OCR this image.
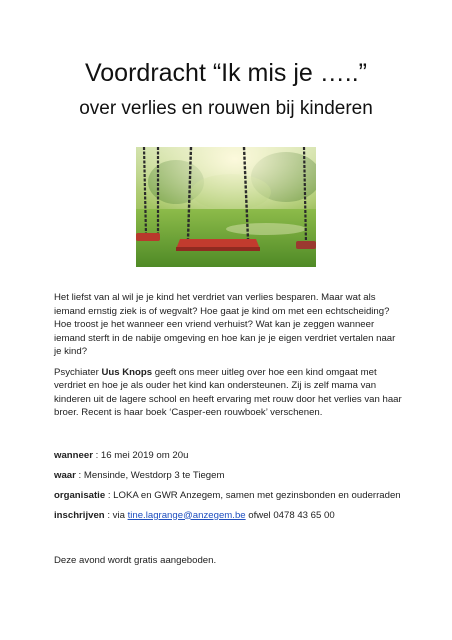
Voordracht “Ik mis je …..”
over verlies en rouwen bij kinderen

Het liefst van al wil je je kind het verdriet van verlies besparen. Maar wat als iemand ernstig ziek is of wegvalt? Hoe gaat je kind om met een echtscheiding? Hoe troost je het wanneer een vriend verhuist? Wat kan je zeggen wanneer iemand sterft in de nabije omgeving en hoe kan je je eigen verdriet vertalen naar je kind?

Psychiater Uus Knops geeft ons meer uitleg over hoe een kind omgaat met verdriet en hoe je als ouder het kind kan ondersteunen. Zij is zelf mama van kinderen uit de lagere school en heeft ervaring met rouw door het verlies van haar broer. Recent is haar boek ‘Casper-een rouwboek’ verschenen.

wanneer : 16 mei 2019 om 20u

waar : Mensinde, Westdorp 3 te Tiegem

organisatie : LOKA en GWR Anzegem, samen met gezinsbonden en ouderraden

inschrijven : via tine.lagrange@anzegem.be ofwel 0478 43 65 00

Deze avond wordt gratis aangeboden.
